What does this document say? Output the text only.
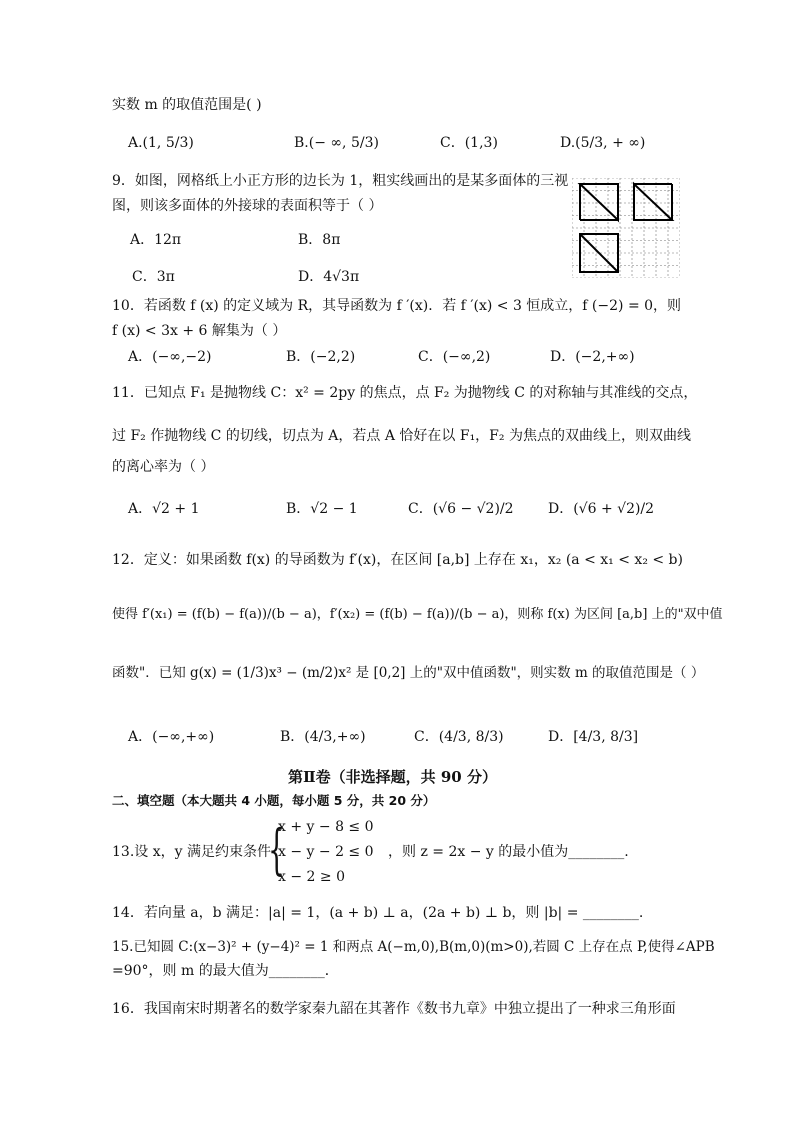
实数 m 的取值范围是( )
A.(1, 5/3)	B.(− ∞, 5/3)	C．(1,3)	D.(5/3, + ∞)
9．如图，网格纸上小正方形的边长为 1，粗实线画出的是某多面体的三视
图，则该多面体的外接球的表面积等于（ ）
A．12π	B．8π
C．3π	D．4√3π
10．若函数 f (x) 的定义域为 R，其导函数为 f ′(x)．若 f ′(x) < 3 恒成立，f (−2) = 0，则
f (x) < 3x + 6 解集为（ ）
A．(−∞,−2)	B．(−2,2)	C．(−∞,2)	D．(−2,+∞)
11．已知点 F₁ 是抛物线 C：x² = 2py 的焦点，点 F₂ 为抛物线 C 的对称轴与其准线的交点，
过 F₂ 作抛物线 C 的切线，切点为 A，若点 A 恰好在以 F₁，F₂ 为焦点的双曲线上，则双曲线
的离心率为（ ）
A．√2 + 1	B．√2 − 1	C．(√6 − √2)/2 D．(√6 + √2)/2
12．定义：如果函数 f(x) 的导函数为 f′(x)，在区间 [a,b] 上存在 x₁，x₂ (a < x₁ < x₂ < b)
使得 f′(x₁) = (f(b) − f(a))/(b − a)，f′(x₂) = (f(b) − f(a))/(b − a)，则称 f(x) 为区间 [a,b] 上的"双中值
函数"．已知 g(x) = (1/3)x³ − (m/2)x² 是 [0,2] 上的"双中值函数"，则实数 m 的取值范围是（ ）
A．(−∞,+∞)	B．(4/3,+∞)	C．(4/3, 8/3)	D．[4/3, 8/3]
第Ⅱ卷（非选择题，共 90 分）
二、填空题（本大题共 4 小题，每小题 5 分，共 20 分）
13.设 x，y 满足约束条件
{
x + y − 8 ≤ 0
x − y − 2 ≤ 0
x − 2 ≥ 0
，则 z = 2x − y 的最小值为________.
14．若向量 a，b 满足：|a| = 1，(a + b) ⊥ a，(2a + b) ⊥ b，则 |b| = ________.
15.已知圆 C:(x−3)² + (y−4)² = 1 和两点 A(−m,0),B(m,0)(m>0),若圆 C 上存在点 P,使得∠APB
=90°，则 m 的最大值为________．
16．我国南宋时期著名的数学家秦九韶在其著作《数书九章》中独立提出了一种求三角形面
